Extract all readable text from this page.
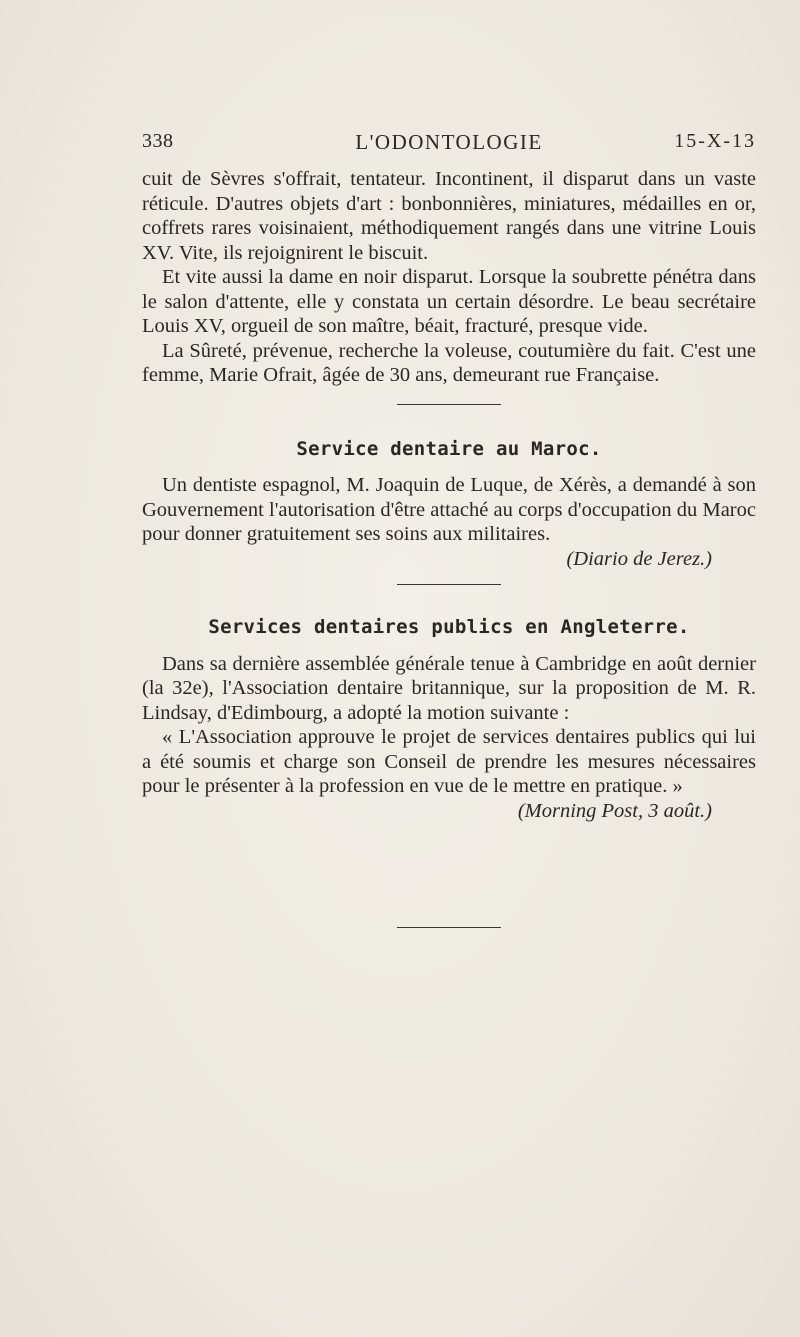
338	L'ODONTOLOGIE	15-X-13

cuit de Sèvres s'offrait, tentateur. Incontinent, il disparut dans un vaste réticule. D'autres objets d'art : bonbonnières, miniatures, médailles en or, coffrets rares voisinaient, méthodiquement rangés dans une vitrine Louis XV. Vite, ils rejoignirent le biscuit.

Et vite aussi la dame en noir disparut. Lorsque la soubrette pénétra dans le salon d'attente, elle y constata un certain désordre. Le beau secrétaire Louis XV, orgueil de son maître, béait, fracturé, presque vide.

La Sûreté, prévenue, recherche la voleuse, coutumière du fait. C'est une femme, Marie Ofrait, âgée de 30 ans, demeurant rue Française.

Service dentaire au Maroc.

Un dentiste espagnol, M. Joaquin de Luque, de Xérès, a demandé à son Gouvernement l'autorisation d'être attaché au corps d'occupation du Maroc pour donner gratuitement ses soins aux militaires.

(Diario de Jerez.)
Services dentaires publics en Angleterre.

Dans sa dernière assemblée générale tenue à Cambridge en août dernier (la 32e), l'Association dentaire britannique, sur la proposition de M. R. Lindsay, d'Edimbourg, a adopté la motion suivante :

« L'Association approuve le projet de services dentaires publics qui lui a été soumis et charge son Conseil de prendre les mesures nécessaires pour le présenter à la profession en vue de le mettre en pratique. »

(Morning Post, 3 août.)
